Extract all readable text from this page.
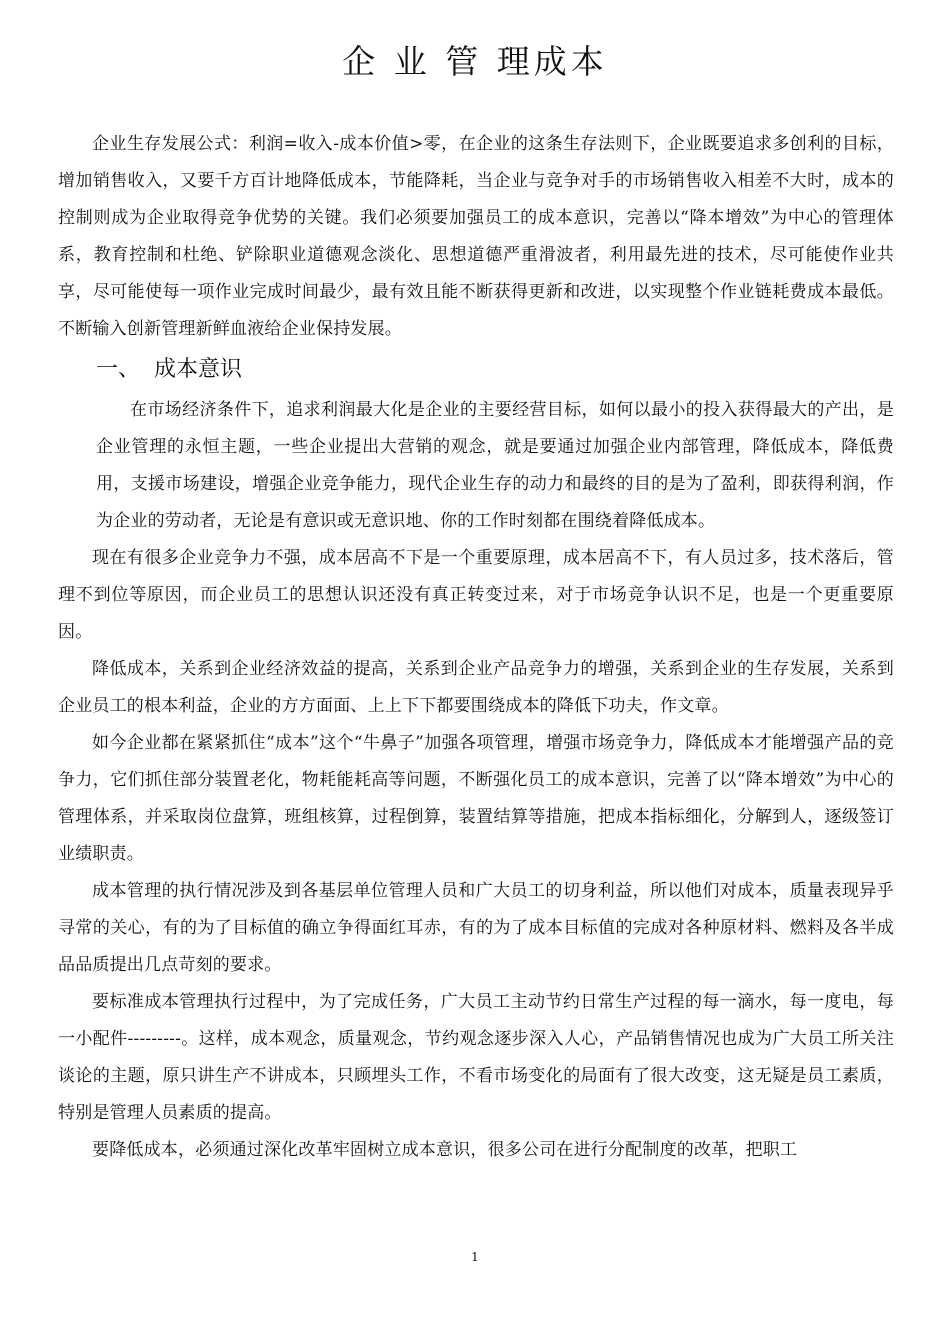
企 业 管 理成本

企业生存发展公式：利润=收入-成本价值>零，在企业的这条生存法则下，企业既要追求多创利的目标，增加销售收入，又要千方百计地降低成本，节能降耗，当企业与竞争对手的市场销售收入相差不大时，成本的控制则成为企业取得竞争优势的关键。我们必须要加强员工的成本意识，完善以“降本增效”为中心的管理体系，教育控制和杜绝、铲除职业道德观念淡化、思想道德严重滑波者，利用最先进的技术，尽可能使作业共享，尽可能使每一项作业完成时间最少，最有效且能不断获得更新和改进，以实现整个作业链耗费成本最低。不断输入创新管理新鲜血液给企业保持发展。

一、 成本意识

在市场经济条件下，追求利润最大化是企业的主要经营目标，如何以最小的投入获得最大的产出，是企业管理的永恒主题，一些企业提出大营销的观念，就是要通过加强企业内部管理，降低成本，降低费用，支援市场建设，增强企业竞争能力，现代企业生存的动力和最终的目的是为了盈利，即获得利润，作为企业的劳动者，无论是有意识或无意识地、你的工作时刻都在围绕着降低成本。

现在有很多企业竞争力不强，成本居高不下是一个重要原理，成本居高不下，有人员过多，技术落后，管理不到位等原因，而企业员工的思想认识还没有真正转变过来，对于市场竞争认识不足，也是一个更重要原因。

降低成本，关系到企业经济效益的提高，关系到企业产品竞争力的增强，关系到企业的生存发展，关系到企业员工的根本利益，企业的方方面面、上上下下都要围绕成本的降低下功夫，作文章。

如今企业都在紧紧抓住“成本”这个“牛鼻子”加强各项管理，增强市场竞争力，降低成本才能增强产品的竞争力，它们抓住部分装置老化，物耗能耗高等问题，不断强化员工的成本意识，完善了以“降本增效”为中心的管理体系，并采取岗位盘算，班组核算，过程倒算，装置结算等措施，把成本指标细化，分解到人，逐级签订业绩职责。

成本管理的执行情况涉及到各基层单位管理人员和广大员工的切身利益，所以他们对成本，质量表现异乎寻常的关心，有的为了目标值的确立争得面红耳赤，有的为了成本目标值的完成对各种原材料、燃料及各半成品品质提出几点苛刻的要求。

要标准成本管理执行过程中，为了完成任务，广大员工主动节约日常生产过程的每一滴水，每一度电，每一小配件---------。这样，成本观念，质量观念，节约观念逐步深入人心，产品销售情况也成为广大员工所关注谈论的主题，原只讲生产不讲成本，只顾埋头工作，不看市场变化的局面有了很大改变，这无疑是员工素质，特别是管理人员素质的提高。

要降低成本，必须通过深化改革牢固树立成本意识，很多公司在进行分配制度的改革，把职工

1
